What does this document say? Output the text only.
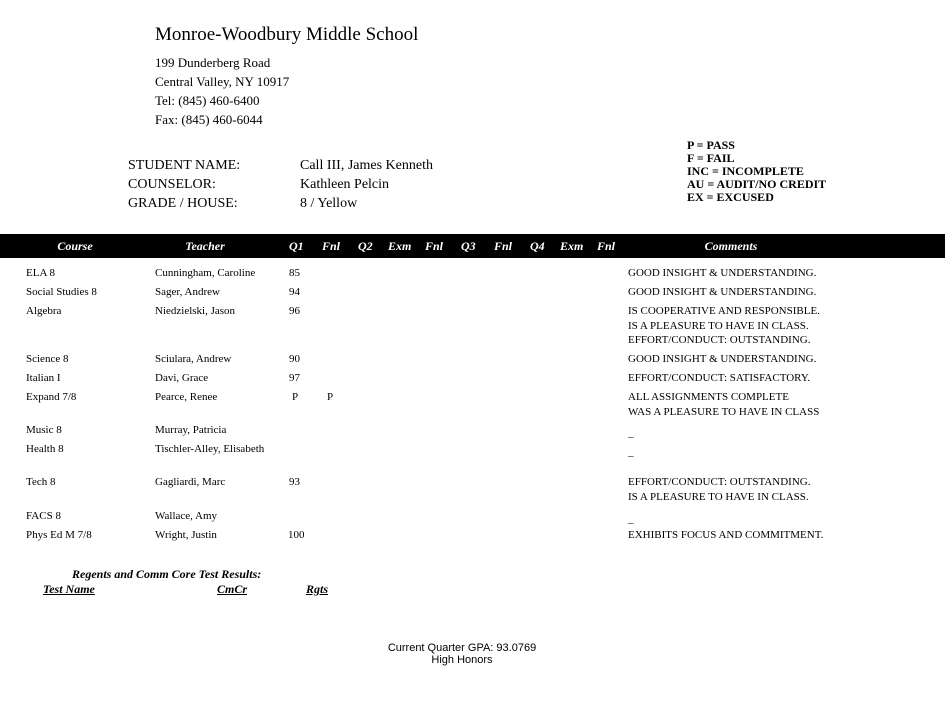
Monroe-Woodbury Middle School
199 Dunderberg Road
Central Valley, NY 10917
Tel: (845) 460-6400
Fax: (845) 460-6044
STUDENT NAME:	Call III, James Kenneth
COUNSELOR:	Kathleen Pelcin
GRADE / HOUSE:	8 / Yellow
P = PASS
F = FAIL
INC = INCOMPLETE
AU = AUDIT/NO CREDIT
EX = EXCUSED
Course	Teacher	Q1 Fnl Q2 Exm Fnl Q3 Fnl Q4 Exm Fnl	Comments
ELA 8	Cunningham, Caroline	85	GOOD INSIGHT & UNDERSTANDING.
Social Studies 8	Sager, Andrew	94	GOOD INSIGHT & UNDERSTANDING.
Algebra	Niedzielski, Jason	96	IS COOPERATIVE AND RESPONSIBLE.
IS A PLEASURE TO HAVE IN CLASS.
EFFORT/CONDUCT: OUTSTANDING.
Science 8	Sciulara, Andrew	90	GOOD INSIGHT & UNDERSTANDING.
Italian I	Davi, Grace	97	EFFORT/CONDUCT: SATISFACTORY.
Expand 7/8	Pearce, Renee	P	P	ALL ASSIGNMENTS COMPLETE
WAS A PLEASURE TO HAVE IN CLASS
Music 8	Murray, Patricia	_
Health 8	Tischler-Alley, Elisabeth	_
Tech 8	Gagliardi, Marc	93	EFFORT/CONDUCT: OUTSTANDING.
IS A PLEASURE TO HAVE IN CLASS.
FACS 8	Wallace, Amy	_
Phys Ed M 7/8	Wright, Justin	100	EXHIBITS FOCUS AND COMMITMENT.
Regents and Comm Core Test Results:
Test Name	CmCr	Rgts
Current Quarter GPA: 93.0769
High Honors
